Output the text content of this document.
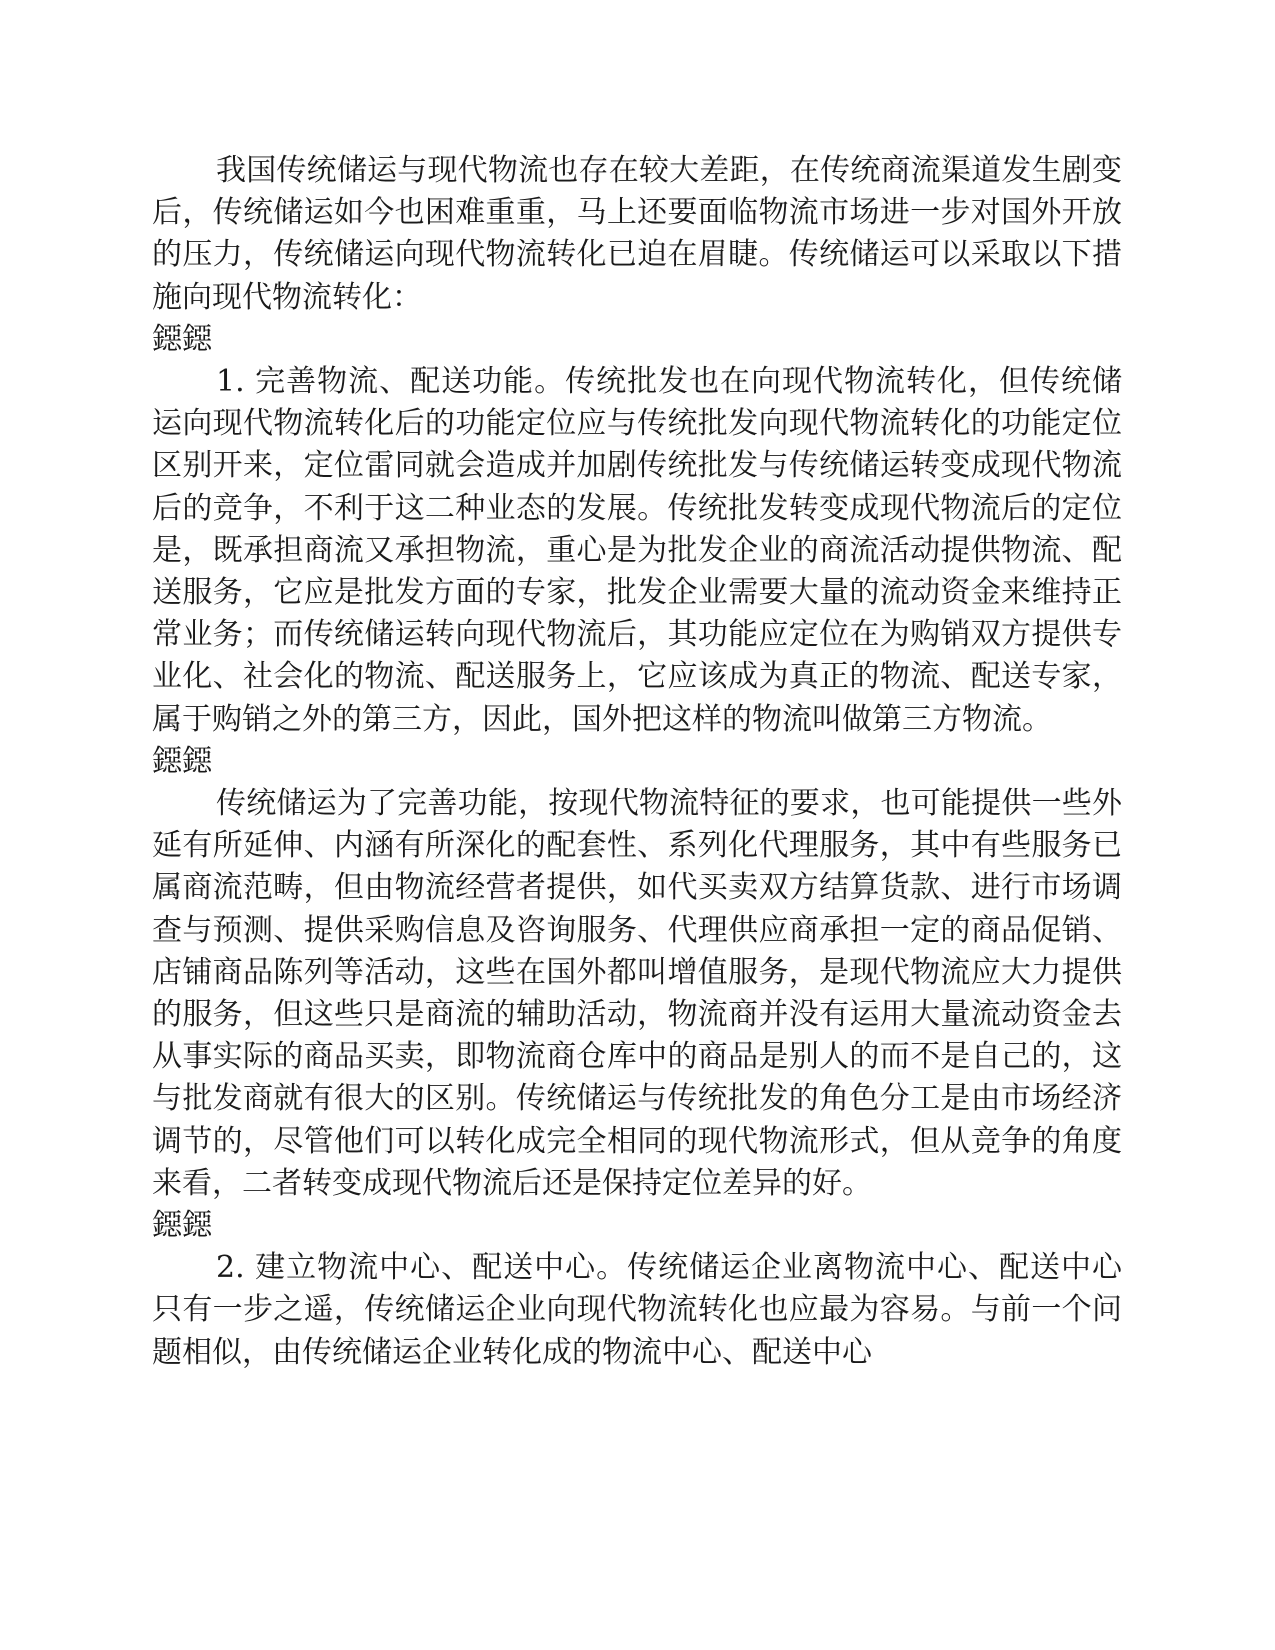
我国传统储运与现代物流也存在较大差距，在传统商流渠道发生剧变后，传统储运如今也困难重重，马上还要面临物流市场进一步对国外开放的压力，传统储运向现代物流转化已迫在眉睫。传统储运可以采取以下措施向现代物流转化：

鐚鐚

1. 完善物流、配送功能。传统批发也在向现代物流转化，但传统储运向现代物流转化后的功能定位应与传统批发向现代物流转化的功能定位区别开来，定位雷同就会造成并加剧传统批发与传统储运转变成现代物流后的竞争，不利于这二种业态的发展。传统批发转变成现代物流后的定位是，既承担商流又承担物流，重心是为批发企业的商流活动提供物流、配送服务，它应是批发方面的专家，批发企业需要大量的流动资金来维持正常业务；而传统储运转向现代物流后，其功能应定位在为购销双方提供专业化、社会化的物流、配送服务上，它应该成为真正的物流、配送专家，属于购销之外的第三方，因此，国外把这样的物流叫做第三方物流。

鐚鐚

传统储运为了完善功能，按现代物流特征的要求，也可能提供一些外延有所延伸、内涵有所深化的配套性、系列化代理服务，其中有些服务已属商流范畴，但由物流经营者提供，如代买卖双方结算货款、进行市场调查与预测、提供采购信息及咨询服务、代理供应商承担一定的商品促销、店铺商品陈列等活动，这些在国外都叫增值服务，是现代物流应大力提供的服务，但这些只是商流的辅助活动，物流商并没有运用大量流动资金去从事实际的商品买卖，即物流商仓库中的商品是别人的而不是自己的，这与批发商就有很大的区别。传统储运与传统批发的角色分工是由市场经济调节的，尽管他们可以转化成完全相同的现代物流形式，但从竞争的角度来看，二者转变成现代物流后还是保持定位差异的好。

鐚鐚

2. 建立物流中心、配送中心。传统储运企业离物流中心、配送中心只有一步之遥，传统储运企业向现代物流转化也应最为容易。与前一个问题相似，由传统储运企业转化成的物流中心、配送中心
